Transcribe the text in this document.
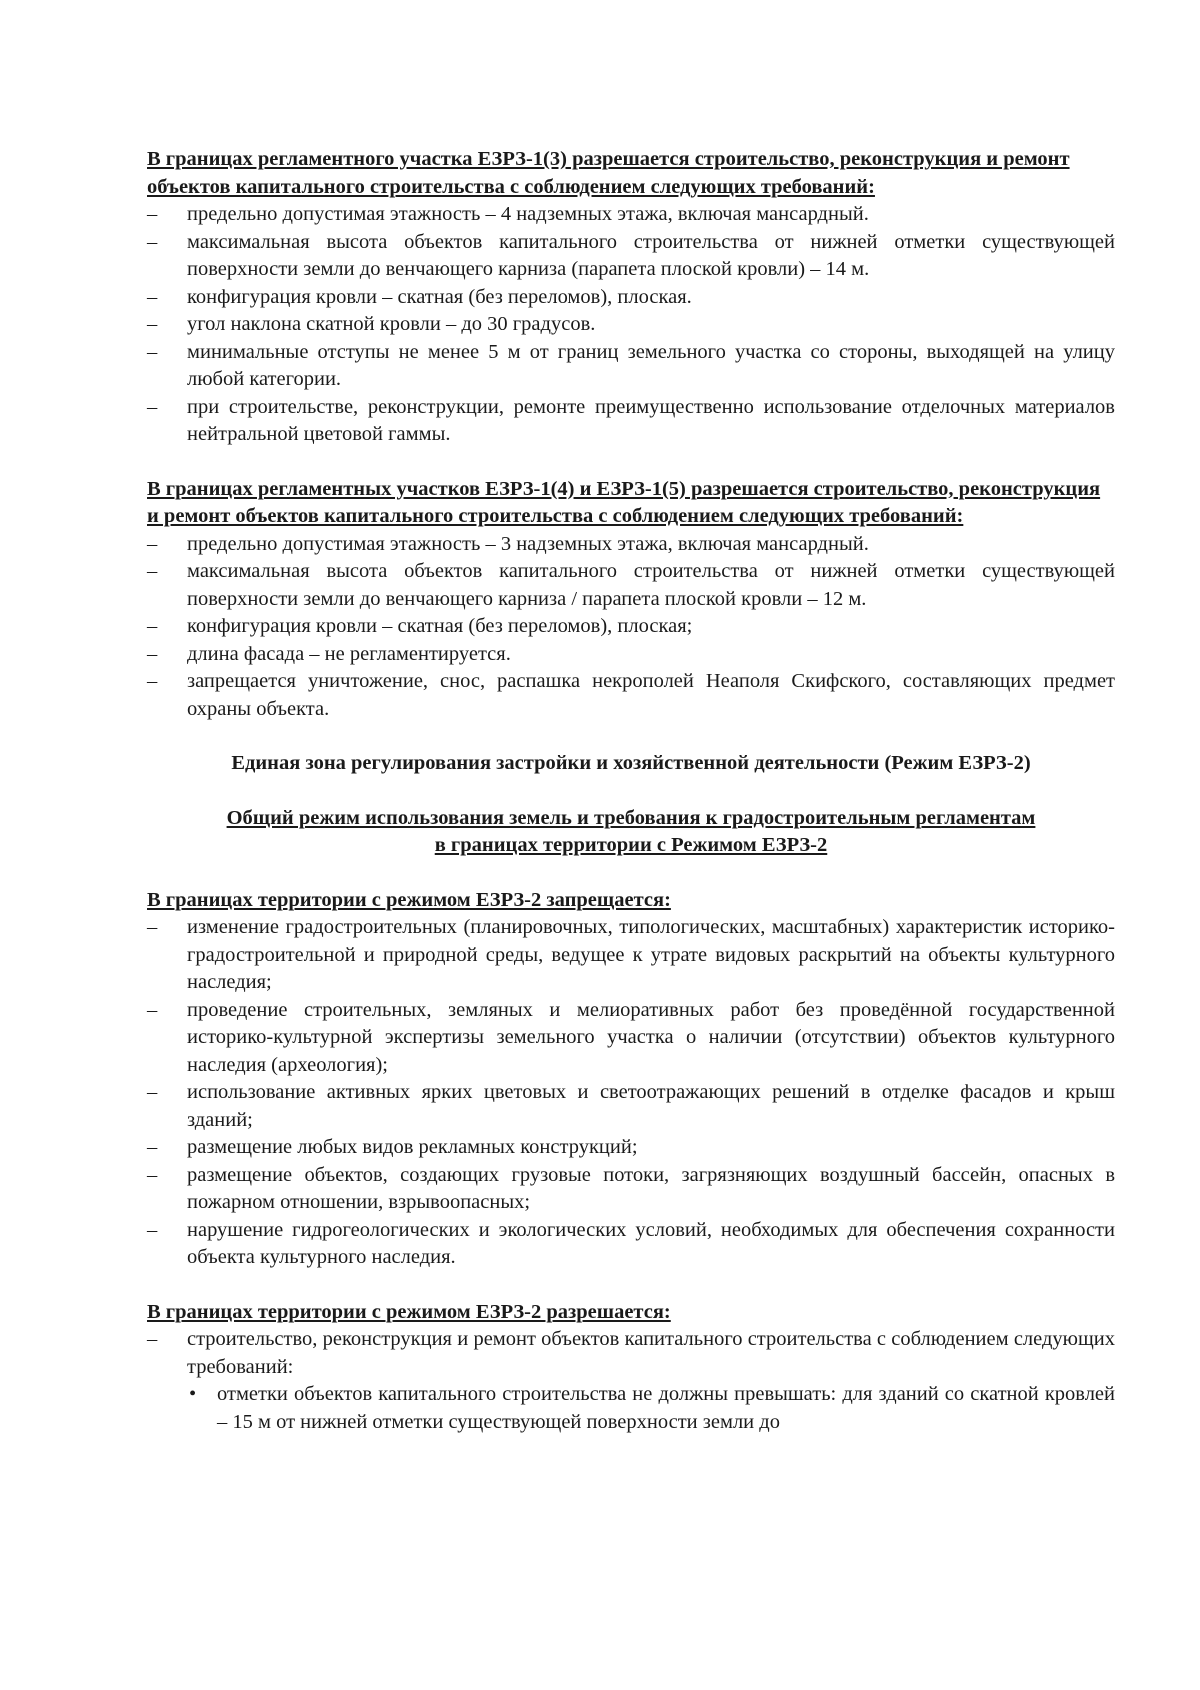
В границах регламентного участка ЕЗРЗ-1(3) разрешается строительство, реконструкция и ремонт объектов капитального строительства с соблюдением следующих требований:

– предельно допустимая этажность – 4 надземных этажа, включая мансардный.
– максимальная высота объектов капитального строительства от нижней отметки существующей поверхности земли до венчающего карниза (парапета плоской кровли) – 14 м.
– конфигурация кровли – скатная (без переломов), плоская.
– угол наклона скатной кровли – до 30 градусов.
– минимальные отступы не менее 5 м от границ земельного участка со стороны, выходящей на улицу любой категории.
– при строительстве, реконструкции, ремонте преимущественно использование отделочных материалов нейтральной цветовой гаммы.

В границах регламентных участков ЕЗРЗ-1(4) и ЕЗРЗ-1(5) разрешается строительство, реконструкция и ремонт объектов капитального строительства с соблюдением следующих требований:

– предельно допустимая этажность – 3 надземных этажа, включая мансардный.
– максимальная высота объектов капитального строительства от нижней отметки существующей поверхности земли до венчающего карниза / парапета плоской кровли – 12 м.
– конфигурация кровли – скатная (без переломов), плоская;
– длина фасада – не регламентируется.
– запрещается уничтожение, снос, распашка некрополей Неаполя Скифского, составляющих предмет охраны объекта.

Единая зона регулирования застройки и хозяйственной деятельности (Режим ЕЗРЗ-2)

Общий режим использования земель и требования к градостроительным регламентам

в границах территории с Режимом ЕЗРЗ-2

В границах территории с режимом ЕЗРЗ-2 запрещается:

– изменение градостроительных (планировочных, типологических, масштабных) характеристик историко-градостроительной и природной среды, ведущее к утрате видовых раскрытий на объекты культурного наследия;
– проведение строительных, земляных и мелиоративных работ без проведённой государственной историко-культурной экспертизы земельного участка о наличии (отсутствии) объектов культурного наследия (археология);
– использование активных ярких цветовых и светоотражающих решений в отделке фасадов и крыш зданий;
– размещение любых видов рекламных конструкций;
– размещение объектов, создающих грузовые потоки, загрязняющих воздушный бассейн, опасных в пожарном отношении, взрывоопасных;
– нарушение гидрогеологических и экологических условий, необходимых для обеспечения сохранности объекта культурного наследия.

В границах территории с режимом ЕЗРЗ-2 разрешается:

– строительство, реконструкция и ремонт объектов капитального строительства с соблюдением следующих требований:
• отметки объектов капитального строительства не должны превышать: для зданий со скатной кровлей – 15 м от нижней отметки существующей поверхности земли до
